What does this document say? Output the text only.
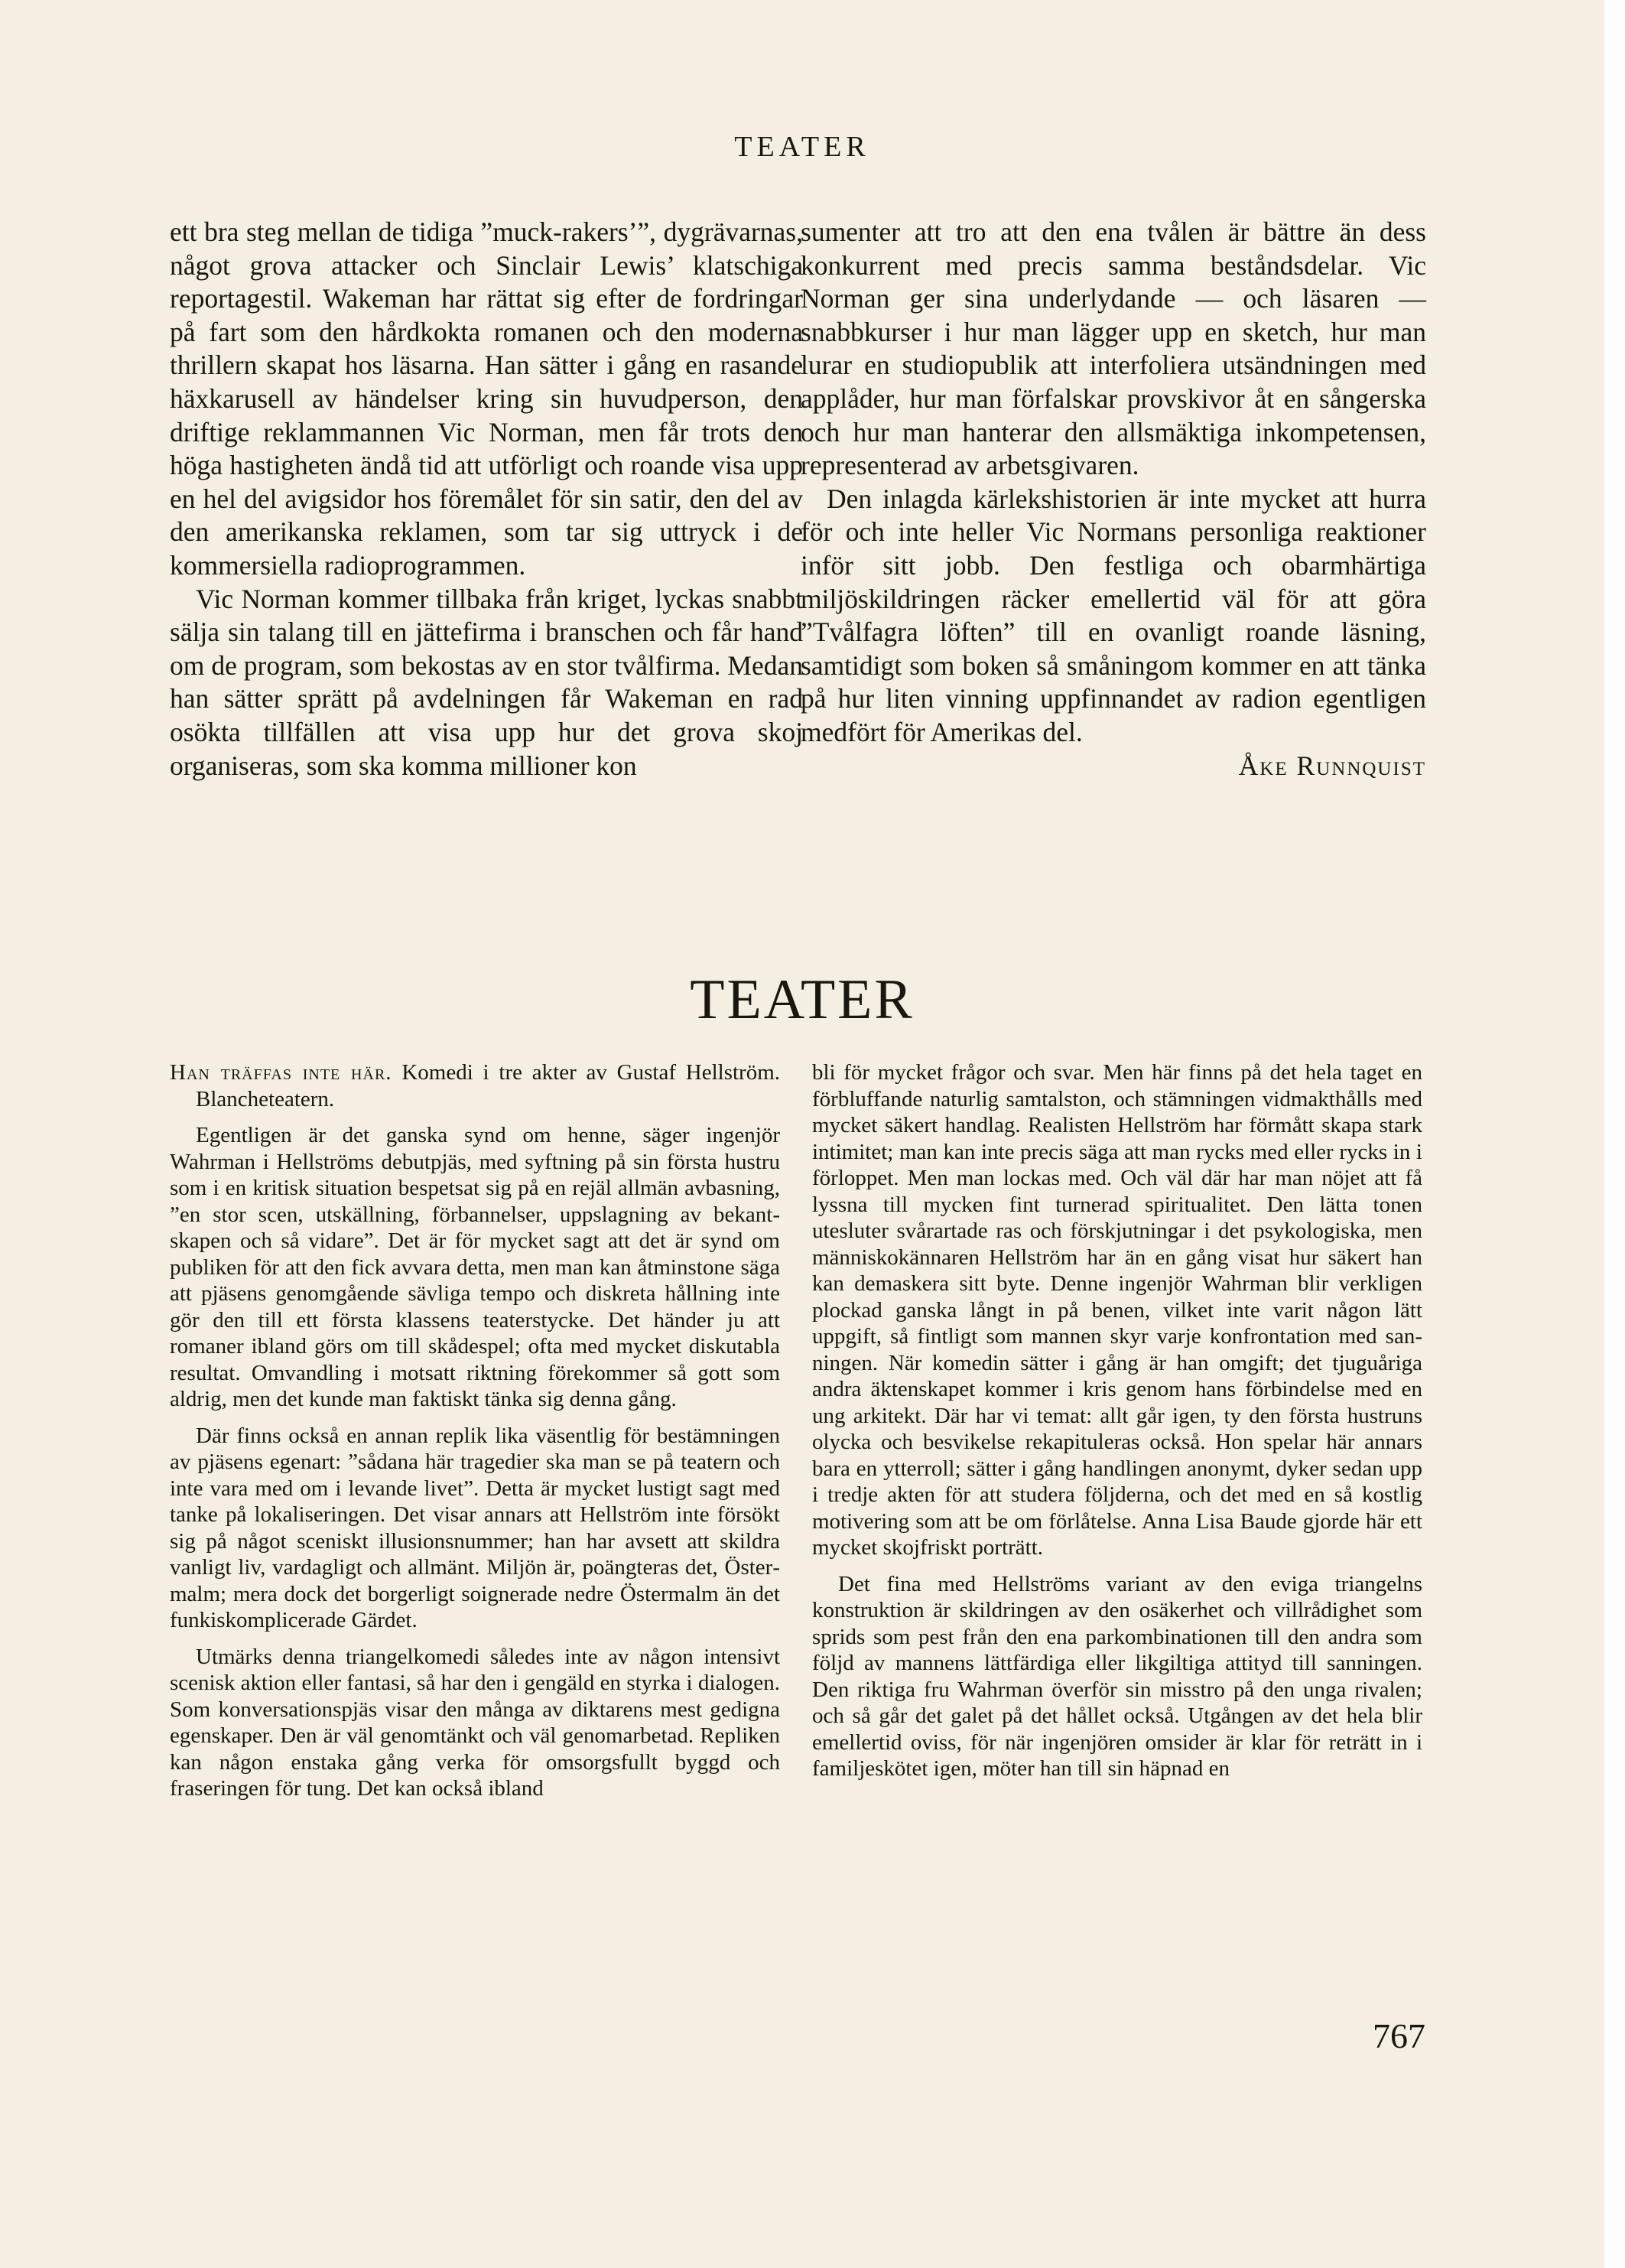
TEATER

ett bra steg mellan de tidiga ”muck-rakers’”, dygrävarnas, något grova attacker och Sinclair Lewis’ klatschiga reportagestil. Wakeman har rättat sig efter de fordringar på fart som den hårdkokta romanen och den moderna thrillern skapat hos läsarna. Han sätter i gång en rasande häxkarusell av händelser kring sin huvudperson, den driftige reklammannen Vic Norman, men får trots den höga hastigheten ändå tid att utförligt och roande visa upp en hel del avigsidor hos föremålet för sin satir, den del av den amerikanska reklamen, som tar sig uttryck i de kommersiella radioprogrammen.

Vic Norman kommer tillbaka från kriget, lyckas snabbt sälja sin talang till en jättefirma i branschen och får hand om de program, som bekostas av en stor tvålfirma. Medan han sätter sprätt på avdelningen får Wakeman en rad osökta tillfällen att visa upp hur det grova skoj organiseras, som ska komma millioner kon

sumenter att tro att den ena tvålen är bättre än dess konkurrent med precis samma beståndsdelar. Vic Norman ger sina underlydande — och läsaren — snabbkurser i hur man lägger upp en sketch, hur man lurar en studiopublik att interfoliera utsändningen med applåder, hur man förfalskar provskivor åt en sångerska och hur man hanterar den allsmäktiga inkompetensen, representerad av arbetsgivaren.

Den inlagda kärlekshistorien är inte mycket att hurra för och inte heller Vic Normans personliga reaktioner inför sitt jobb. Den festliga och obarmhärtiga miljöskildringen räcker emellertid väl för att göra ”Tvålfagra löften” till en ovanligt roande läsning, samtidigt som boken så småningom kommer en att tänka på hur liten vinning uppfinnandet av radion egentligen medfört för Amerikas del.

Åke Runnquist

TEATER

Han träffas inte här. Komedi i tre akter av Gustaf Hellström. Blancheteatern.

Egentligen är det ganska synd om henne, säger ingenjör Wahrman i Hellströms debutpjäs, med syftning på sin första hustru som i en kritisk situation bespetsat sig på en rejäl allmän avbasning, ”en stor scen, utskällning, förbannelser, uppslagning av bekantskapen och så vidare”. Det är för mycket sagt att det är synd om publiken för att den fick avvara detta, men man kan åtminstone säga att pjäsens genomgående sävliga tempo och diskreta hållning inte gör den till ett första klassens teaterstycke. Det händer ju att romaner ibland görs om till skådespel; ofta med mycket diskutabla resultat. Omvandling i motsatt riktning förekommer så gott som aldrig, men det kunde man faktiskt tänka sig denna gång.

Där finns också en annan replik lika väsentlig för bestämningen av pjäsens egenart: ”sådana här tragedier ska man se på teatern och inte vara med om i levande livet”. Detta är mycket lustigt sagt med tanke på lokaliseringen. Det visar annars att Hellström inte försökt sig på något sceniskt illusionsnummer; han har avsett att skildra vanligt liv, vardagligt och allmänt. Miljön är, poängteras det, Östermalm; mera dock det borgerligt soignerade nedre Östermalm än det funkiskomplicerade Gärdet.

Utmärks denna triangelkomedi således inte av någon intensivt scenisk aktion eller fantasi, så har den i gengäld en styrka i dialogen. Som konversationspjäs visar den många av diktarens mest gedigna egenskaper. Den är väl genomtänkt och väl genomarbetad. Repliken kan någon enstaka gång verka för omsorgsfullt byggd och fraseringen för tung. Det kan också ibland

bli för mycket frågor och svar. Men här finns på det hela taget en förbluffande naturlig samtalston, och stämningen vidmakthålls med mycket säkert handlag. Realisten Hellström har förmått skapa stark intimitet; man kan inte precis säga att man rycks med eller rycks in i förloppet. Men man lockas med. Och väl där har man nöjet att få lyssna till mycken fint turnerad spiritualitet. Den lätta tonen utesluter svårartade ras och förskjutningar i det psykologiska, men människokännaren Hellström har än en gång visat hur säkert han kan demaskera sitt byte. Denne ingenjör Wahrman blir verkligen plockad ganska långt in på benen, vilket inte varit någon lätt uppgift, så fintligt som mannen skyr varje konfrontation med sanningen. När komedin sätter i gång är han omgift; det tjuguåriga andra äktenskapet kommer i kris genom hans förbindelse med en ung arkitekt. Där har vi temat: allt går igen, ty den första hustruns olycka och besvikelse rekapituleras också. Hon spelar här annars bara en ytterroll; sätter i gång handlingen anonymt, dyker sedan upp i tredje akten för att studera följderna, och det med en så kostlig motivering som att be om förlåtelse. Anna Lisa Baude gjorde här ett mycket skojfriskt porträtt.

Det fina med Hellströms variant av den eviga triangelns konstruktion är skildringen av den osäkerhet och villrådighet som sprids som pest från den ena parkombinationen till den andra som följd av mannens lättfärdiga eller likgiltiga attityd till sanningen. Den riktiga fru Wahrman överför sin misstro på den unga rivalen; och så går det galet på det hållet också. Utgången av det hela blir emellertid oviss, för när ingenjören omsider är klar för reträtt in i familjeskötet igen, möter han till sin häpnad en

767
